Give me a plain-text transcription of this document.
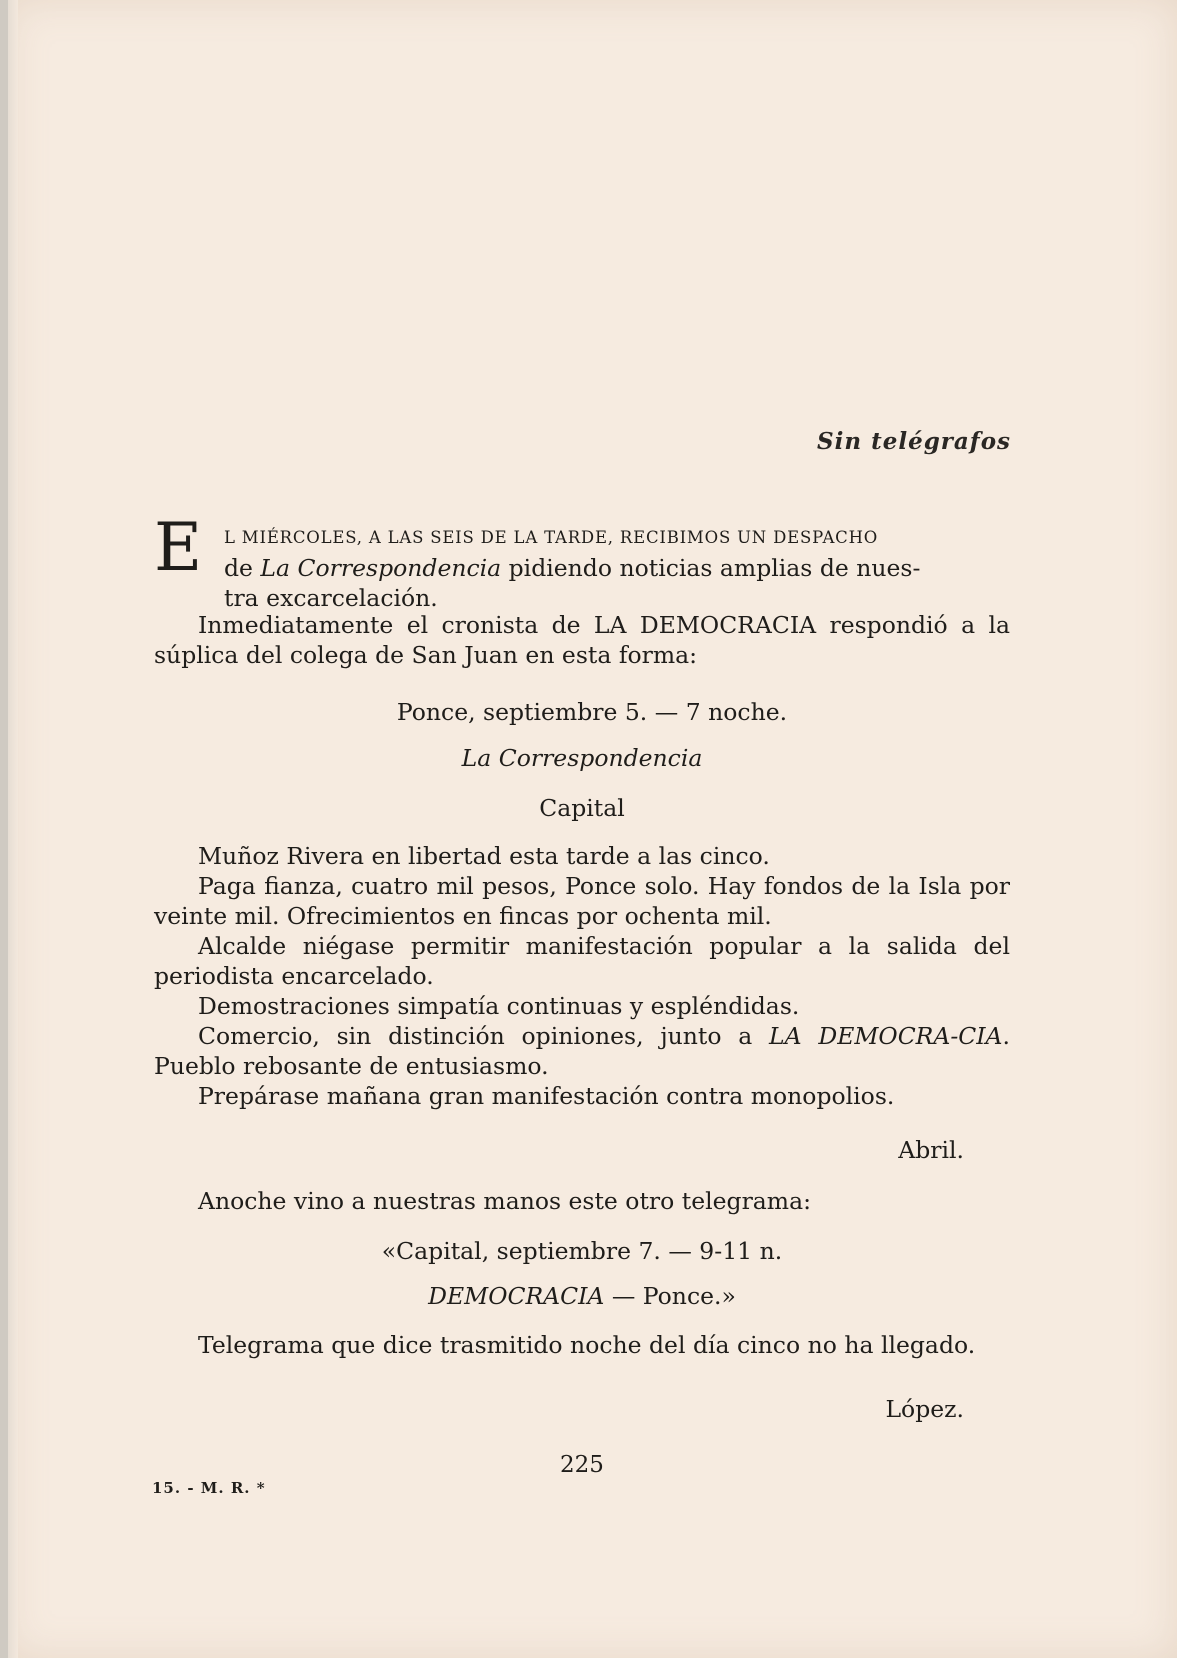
Sin telégrafos
E L MIÉRCOLES, A LAS SEIS DE LA TARDE, RECIBIMOS UN DESPACHO
de La Correspondencia pidiendo noticias amplias de nues-
tra excarcelación.
Inmediatamente el cronista de LA DEMOCRACIA respondió a la súplica del colega de San Juan en esta forma:
Ponce, septiembre 5. — 7 noche.
La Correspondencia
Capital
Muñoz Rivera en libertad esta tarde a las cinco.
Paga fianza, cuatro mil pesos, Ponce solo. Hay fondos de la Isla por veinte mil. Ofrecimientos en fincas por ochenta mil.
Alcalde niégase permitir manifestación popular a la salida del periodista encarcelado.
Demostraciones simpatía continuas y espléndidas.
Comercio, sin distinción opiniones, junto a LA DEMOCRA-CIA. Pueblo rebosante de entusiasmo.
Prepárase mañana gran manifestación contra monopolios.
Abril.
Anoche vino a nuestras manos este otro telegrama:
«Capital, septiembre 7. — 9-11 n.
DEMOCRACIA — Ponce.»
Telegrama que dice trasmitido noche del día cinco no ha llegado.
López.
225
15. - M. R. *
